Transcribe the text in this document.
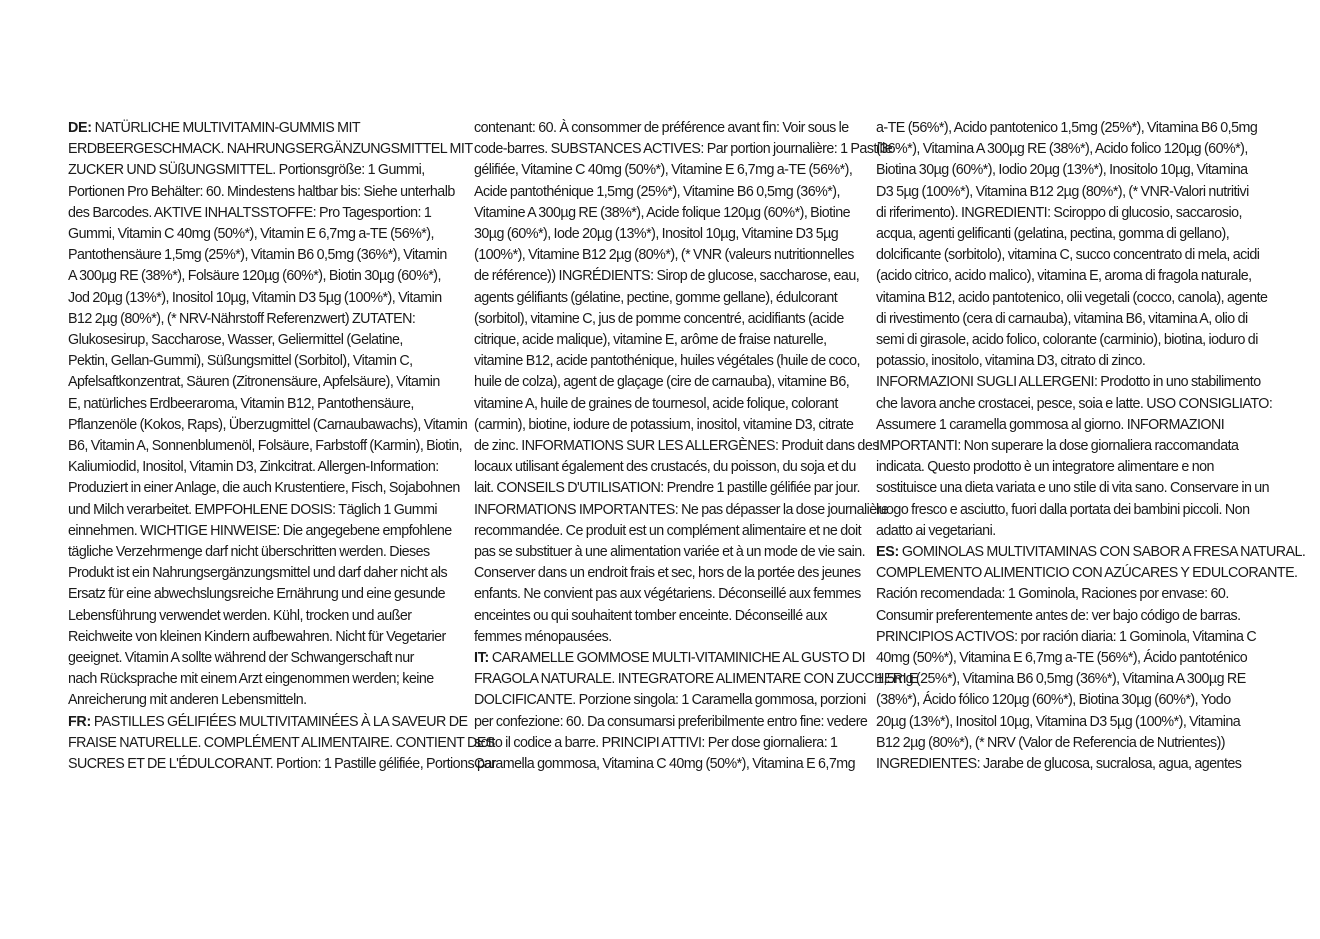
DE: NATÜRLICHE MULTIVITAMIN-GUMMIS MIT
ERDBEERGESCHMACK. NAHRUNGSERGÄNZUNGSMITTEL MIT
ZUCKER UND SÜßUNGSMITTEL. Portionsgröße: 1 Gummi,
Portionen Pro Behälter: 60. Mindestens haltbar bis: Siehe unterhalb
des Barcodes. AKTIVE INHALTSSTOFFE: Pro Tagesportion: 1
Gummi, Vitamin C 40mg (50%*), Vitamin E 6,7mg a-TE (56%*),
Pantothensäure 1,5mg (25%*), Vitamin B6 0,5mg (36%*), Vitamin
A 300µg RE (38%*), Folsäure 120µg (60%*), Biotin 30µg (60%*),
Jod 20µg (13%*), Inositol 10µg, Vitamin D3 5µg (100%*), Vitamin
B12 2µg (80%*), (* NRV-Nährstoff Referenzwert) ZUTATEN:
Glukosesirup, Saccharose, Wasser, Geliermittel (Gelatine,
Pektin, Gellan-Gummi), Süßungsmittel (Sorbitol), Vitamin C,
Apfelsaftkonzentrat, Säuren (Zitronensäure, Apfelsäure), Vitamin
E, natürliches Erdbeeraroma, Vitamin B12, Pantothensäure,
Pflanzenöle (Kokos, Raps), Überzugmittel (Carnaubawachs), Vitamin
B6, Vitamin A, Sonnenblumenöl, Folsäure, Farbstoff (Karmin), Biotin,
Kaliumiodid, Inositol, Vitamin D3, Zinkcitrat. Allergen-Information:
Produziert in einer Anlage, die auch Krustentiere, Fisch, Sojabohnen
und Milch verarbeitet. EMPFOHLENE DOSIS: Täglich 1 Gummi
einnehmen. WICHTIGE HINWEISE: Die angegebene empfohlene
tägliche Verzehrmenge darf nicht überschritten werden. Dieses
Produkt ist ein Nahrungsergänzungsmittel und darf daher nicht als
Ersatz für eine abwechslungsreiche Ernährung und eine gesunde
Lebensführung verwendet werden. Kühl, trocken und außer
Reichweite von kleinen Kindern aufbewahren. Nicht für Vegetarier
geeignet. Vitamin A sollte während der Schwangerschaft nur
nach Rücksprache mit einem Arzt eingenommen werden; keine
Anreicherung mit anderen Lebensmitteln.
FR: PASTILLES GÉLIFIÉES MULTIVITAMINÉES À LA SAVEUR DE
FRAISE NATURELLE. COMPLÉMENT ALIMENTAIRE. CONTIENT DES
SUCRES ET DE L'ÉDULCORANT. Portion: 1 Pastille gélifiée, Portions par
contenant: 60. À consommer de préférence avant fin: Voir sous le
code-barres. SUBSTANCES ACTIVES: Par portion journalière: 1 Pastille
gélifiée, Vitamine C 40mg (50%*), Vitamine E 6,7mg a-TE (56%*),
Acide pantothénique 1,5mg (25%*), Vitamine B6 0,5mg (36%*),
Vitamine A 300µg RE (38%*), Acide folique 120µg (60%*), Biotine
30µg (60%*), Iode 20µg (13%*), Inositol 10µg, Vitamine D3 5µg
(100%*), Vitamine B12 2µg (80%*), (* VNR (valeurs nutritionnelles
de référence)) INGRÉDIENTS: Sirop de glucose, saccharose, eau,
agents gélifiants (gélatine, pectine, gomme gellane), édulcorant
(sorbitol), vitamine C, jus de pomme concentré, acidifiants (acide
citrique, acide malique), vitamine E, arôme de fraise naturelle,
vitamine B12, acide pantothénique, huiles végétales (huile de coco,
huile de colza), agent de glaçage (cire de carnauba), vitamine B6,
vitamine A, huile de graines de tournesol, acide folique, colorant
(carmin), biotine, iodure de potassium, inositol, vitamine D3, citrate
de zinc. INFORMATIONS SUR LES ALLERGÈNES: Produit dans des
locaux utilisant également des crustacés, du poisson, du soja et du
lait. CONSEILS D'UTILISATION: Prendre 1 pastille gélifiée par jour.
INFORMATIONS IMPORTANTES: Ne pas dépasser la dose journalière
recommandée. Ce produit est un complément alimentaire et ne doit
pas se substituer à une alimentation variée et à un mode de vie sain.
Conserver dans un endroit frais et sec, hors de la portée des jeunes
enfants. Ne convient pas aux végétariens. Déconseillé aux femmes
enceintes ou qui souhaitent tomber enceinte. Déconseillé aux
femmes ménopausées.
IT: CARAMELLE GOMMOSE MULTI-VITAMINICHE AL GUSTO DI
FRAGOLA NATURALE. INTEGRATORE ALIMENTARE CON ZUCCHERI E
DOLCIFICANTE. Porzione singola: 1 Caramella gommosa, porzioni
per confezione: 60. Da consumarsi preferibilmente entro fine: vedere
sotto il codice a barre. PRINCIPI ATTIVI: Per dose giornaliera: 1
Caramella gommosa, Vitamina C 40mg (50%*), Vitamina E 6,7mg
a-TE (56%*), Acido pantotenico 1,5mg (25%*), Vitamina B6 0,5mg
(36%*), Vitamina A 300µg RE (38%*), Acido folico 120µg (60%*),
Biotina 30µg (60%*), Iodio 20µg (13%*), Inositolo 10µg, Vitamina
D3 5µg (100%*), Vitamina B12 2µg (80%*), (* VNR-Valori nutritivi
di riferimento). INGREDIENTI: Sciroppo di glucosio, saccarosio,
acqua, agenti gelificanti (gelatina, pectina, gomma di gellano),
dolcificante (sorbitolo), vitamina C, succo concentrato di mela, acidi
(acido citrico, acido malico), vitamina E, aroma di fragola naturale,
vitamina B12, acido pantotenico, olii vegetali (cocco, canola), agente
di rivestimento (cera di carnauba), vitamina B6, vitamina A, olio di
semi di girasole, acido folico, colorante (carminio), biotina, ioduro di
potassio, inositolo, vitamina D3, citrato di zinco.
INFORMAZIONI SUGLI ALLERGENI: Prodotto in uno stabilimento
che lavora anche crostacei, pesce, soia e latte. USO CONSIGLIATO:
Assumere 1 caramella gommosa al giorno. INFORMAZIONI
IMPORTANTI: Non superare la dose giornaliera raccomandata
indicata. Questo prodotto è un integratore alimentare e non
sostituisce una dieta variata e uno stile di vita sano. Conservare in un
luogo fresco e asciutto, fuori dalla portata dei bambini piccoli. Non
adatto ai vegetariani.
ES: GOMINOLAS MULTIVITAMINAS CON SABOR A FRESA NATURAL.
COMPLEMENTO ALIMENTICIO CON AZÚCARES Y EDULCORANTE.
Ración recomendada: 1 Gominola, Raciones por envase: 60.
Consumir preferentemente antes de: ver bajo código de barras.
PRINCIPIOS ACTIVOS: por ración diaria: 1 Gominola, Vitamina C
40mg (50%*), Vitamina E 6,7mg a-TE (56%*), Ácido pantoténico
1,5mg (25%*), Vitamina B6 0,5mg (36%*), Vitamina A 300µg RE
(38%*), Ácido fólico 120µg (60%*), Biotina 30µg (60%*), Yodo
20µg (13%*), Inositol 10µg, Vitamina D3 5µg (100%*), Vitamina
B12 2µg (80%*), (* NRV (Valor de Referencia de Nutrientes))
INGREDIENTES: Jarabe de glucosa, sucralosa, agua, agentes
